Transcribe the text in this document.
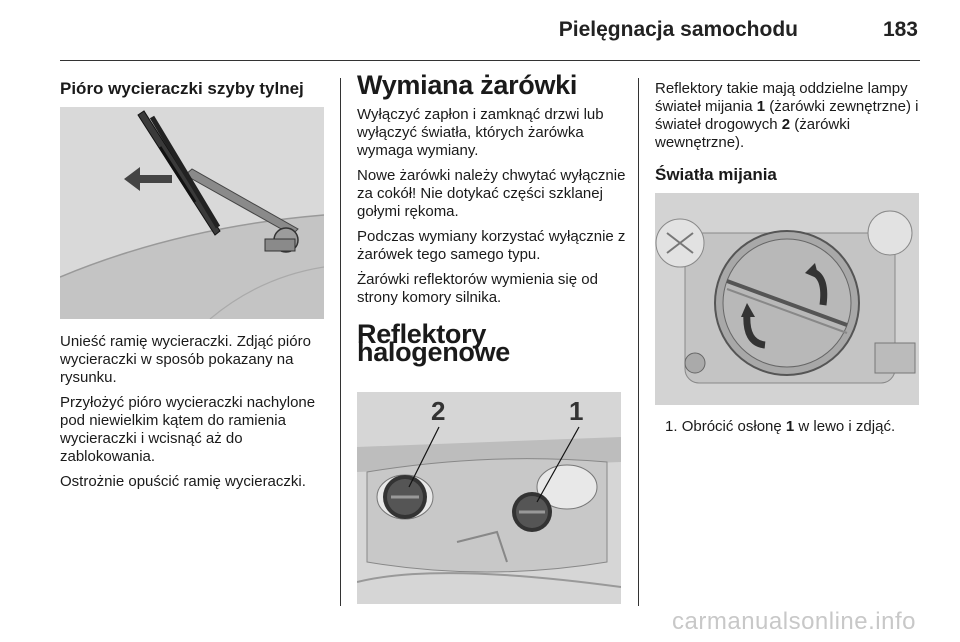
Pielęgnacja samochodu	183
Pióro wycieraczki szyby tylnej

Unieść ramię wycieraczki. Zdjąć pióro wycieraczki w sposób pokazany na rysunku.

Przyłożyć pióro wycieraczki nachylone pod niewielkim kątem do ramienia wycieraczki i wcisnąć aż do zablokowania.

Ostrożnie opuścić ramię wycieraczki.

Wymiana żarówki

Wyłączyć zapłon i zamknąć drzwi lub wyłączyć światła, których żarówka wymaga wymiany.

Nowe żarówki należy chwytać wyłącznie za cokół! Nie dotykać części szklanej gołymi rękoma.

Podczas wymiany korzystać wyłącznie z żarówek tego samego typu.

Żarówki reflektorów wymienia się od strony komory silnika.

Reflektory halogenowe
2	1

Reflektory takie mają oddzielne lampy świateł mijania 1 (żarówki zewnętrzne) i świateł drogowych 2 (żarówki wewnętrzne).

Światła mijania
1. Obrócić osłonę 1 w lewo i zdjąć.
carmanualsonline.info
